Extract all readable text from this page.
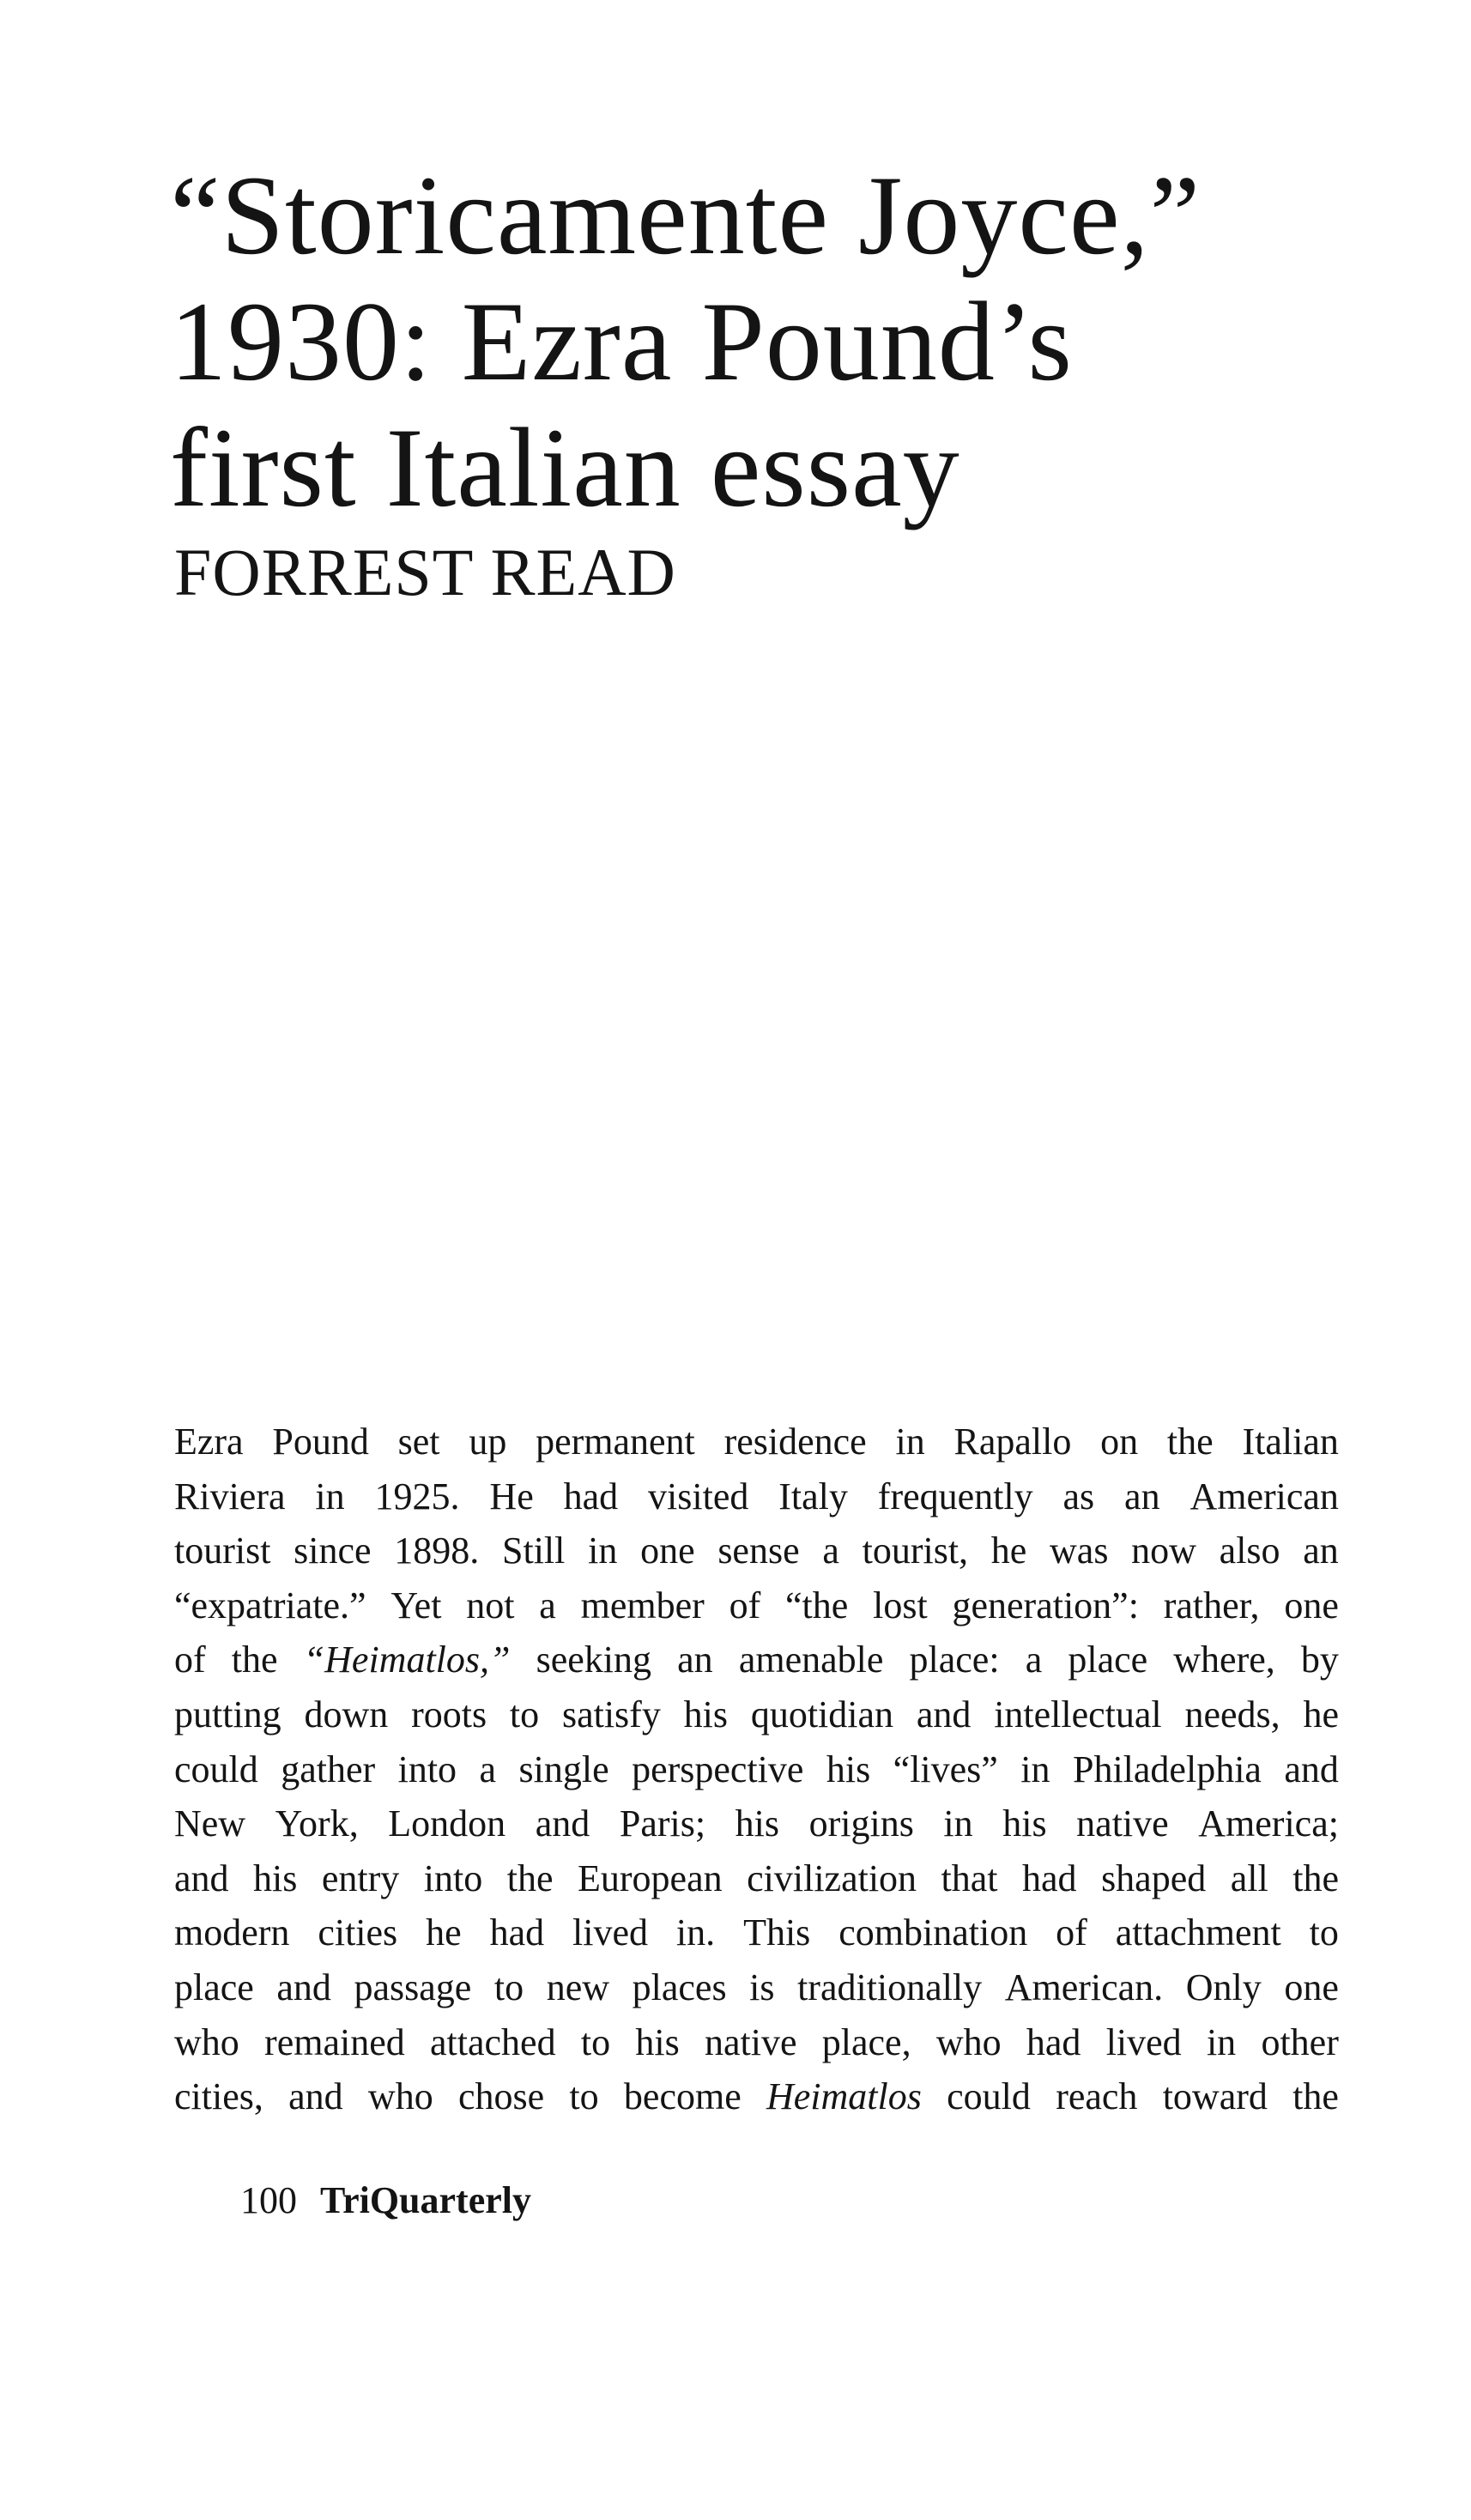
“Storicamente Joyce,”
1930: Ezra Pound’s
first Italian essay
FORREST READ
Ezra Pound set up permanent residence in Rapallo on the Italian
Riviera in 1925. He had visited Italy frequently as an American
tourist since 1898. Still in one sense a tourist, he was now also an
“expatriate.” Yet not a member of “the lost generation”: rather, one
of the “Heimatlos,” seeking an amenable place: a place where, by
putting down roots to satisfy his quotidian and intellectual needs, he
could gather into a single perspective his “lives” in Philadelphia and
New York, London and Paris; his origins in his native America;
and his entry into the European civilization that had shaped all the
modern cities he had lived in. This combination of attachment to
place and passage to new places is traditionally American. Only one
who remained attached to his native place, who had lived in other
cities, and who chose to become Heimatlos could reach toward the
100 TriQuarterly
